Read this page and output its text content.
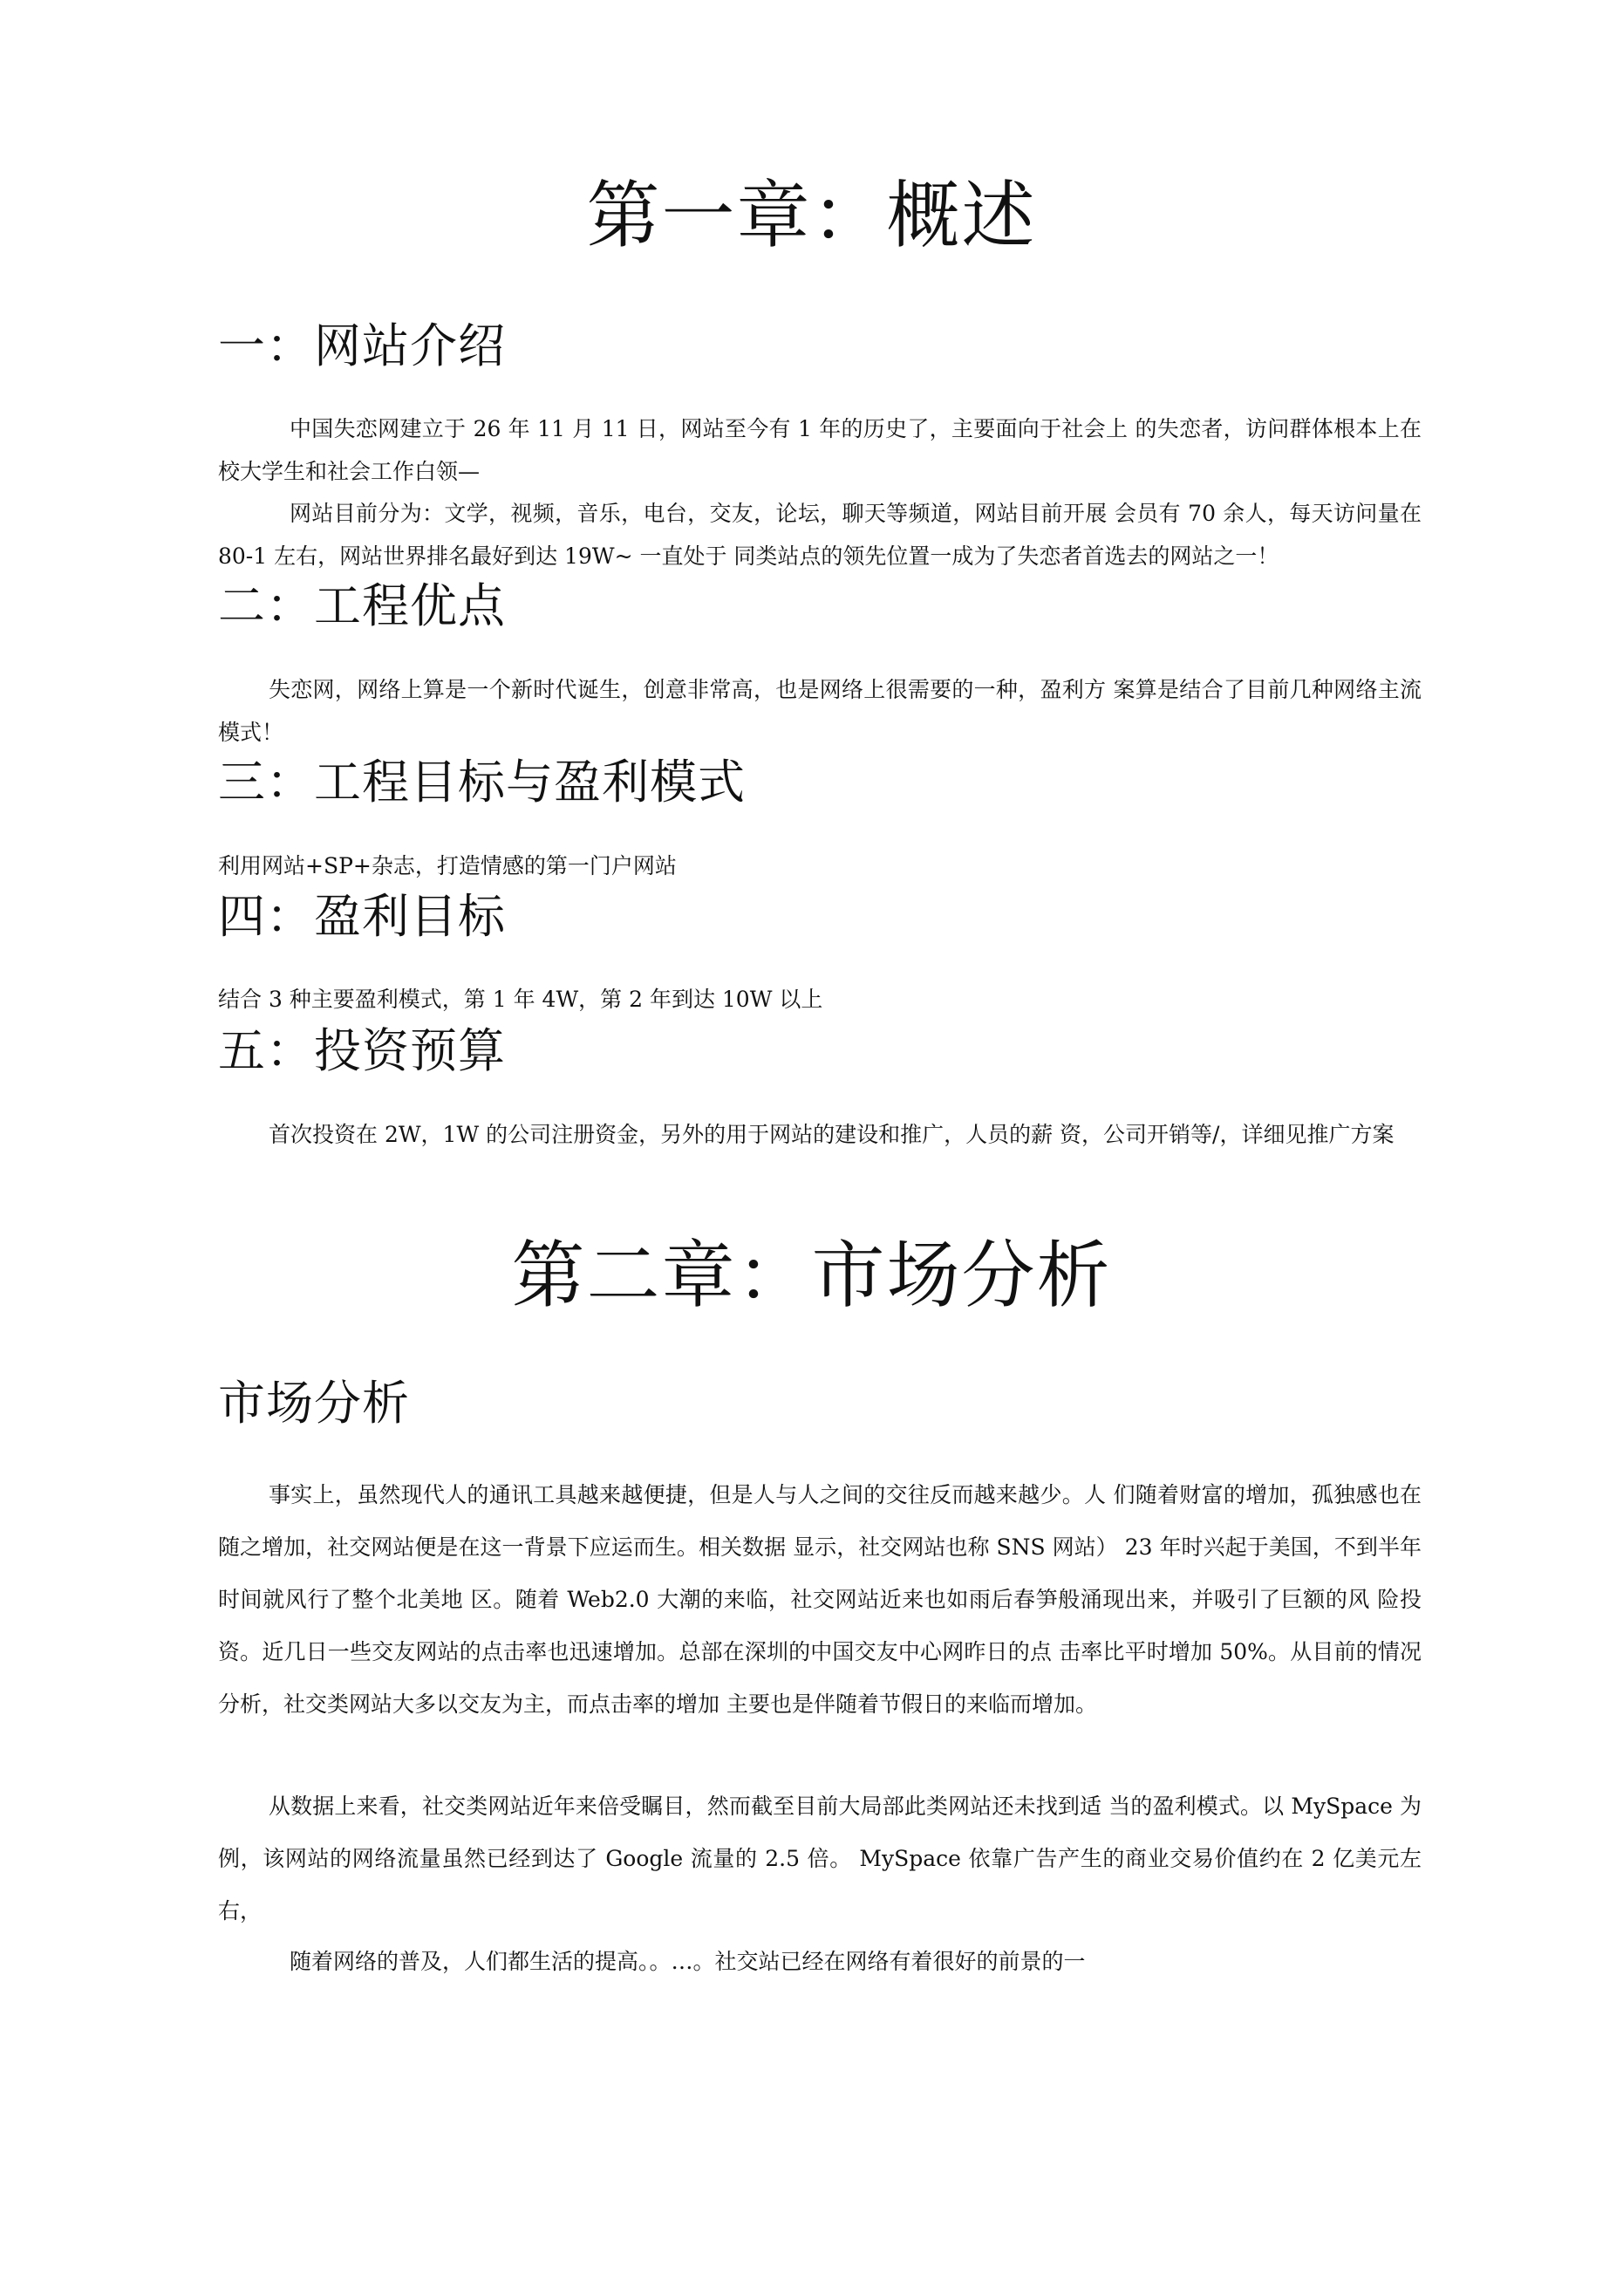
第一章：概述
一：网站介绍

中国失恋网建立于 26 年 11 月 11 日，网站至今有 1 年的历史了，主要面向于社会上 的失恋者，访问群体根本上在校大学生和社会工作白领—

网站目前分为：文学，视频，音乐，电台，交友，论坛，聊天等频道，网站目前开展 会员有 70 余人，每天访问量在 80-1 左右，网站世界排名最好到达 19W~ 一直处于 同类站点的领先位置一成为了失恋者首选去的网站之一！

二：工程优点

失恋网，网络上算是一个新时代诞生，创意非常高，也是网络上很需要的一种，盈利方 案算是结合了目前几种网络主流模式！

三：工程目标与盈利模式

利用网站+SP+杂志，打造情感的第一门户网站

四：盈利目标

结合 3 种主要盈利模式，第 1 年 4W，第 2 年到达 10W 以上

五：投资预算

首次投资在 2W，1W 的公司注册资金，另外的用于网站的建设和推广，人员的薪 资，公司开销等/，详细见推广方案

第二章：市场分析
市场分析

事实上，虽然现代人的通讯工具越来越便捷，但是人与人之间的交往反而越来越少。人 们随着财富的增加，孤独感也在随之增加，社交网站便是在这一背景下应运而生。相关数据 显示，社交网站也称 SNS 网站） 23 年时兴起于美国，不到半年时间就风行了整个北美地 区。随着 Web2.0 大潮的来临，社交网站近来也如雨后春笋般涌现出来，并吸引了巨额的风 险投资。近几日一些交友网站的点击率也迅速增加。总部在深圳的中国交友中心网昨日的点 击率比平时增加 50%。从目前的情况分析，社交类网站大多以交友为主，而点击率的增加 主要也是伴随着节假日的来临而增加。

从数据上来看，社交类网站近年来倍受瞩目，然而截至目前大局部此类网站还未找到适 当的盈利模式。以 MySpace 为例，该网站的网络流量虽然已经到达了 Google 流量的 2.5 倍。 MySpace 依靠广告产生的商业交易价值约在 2 亿美元左右，

随着网络的普及，人们都生活的提高。。…。社交站已经在网络有着很好的前景的一
